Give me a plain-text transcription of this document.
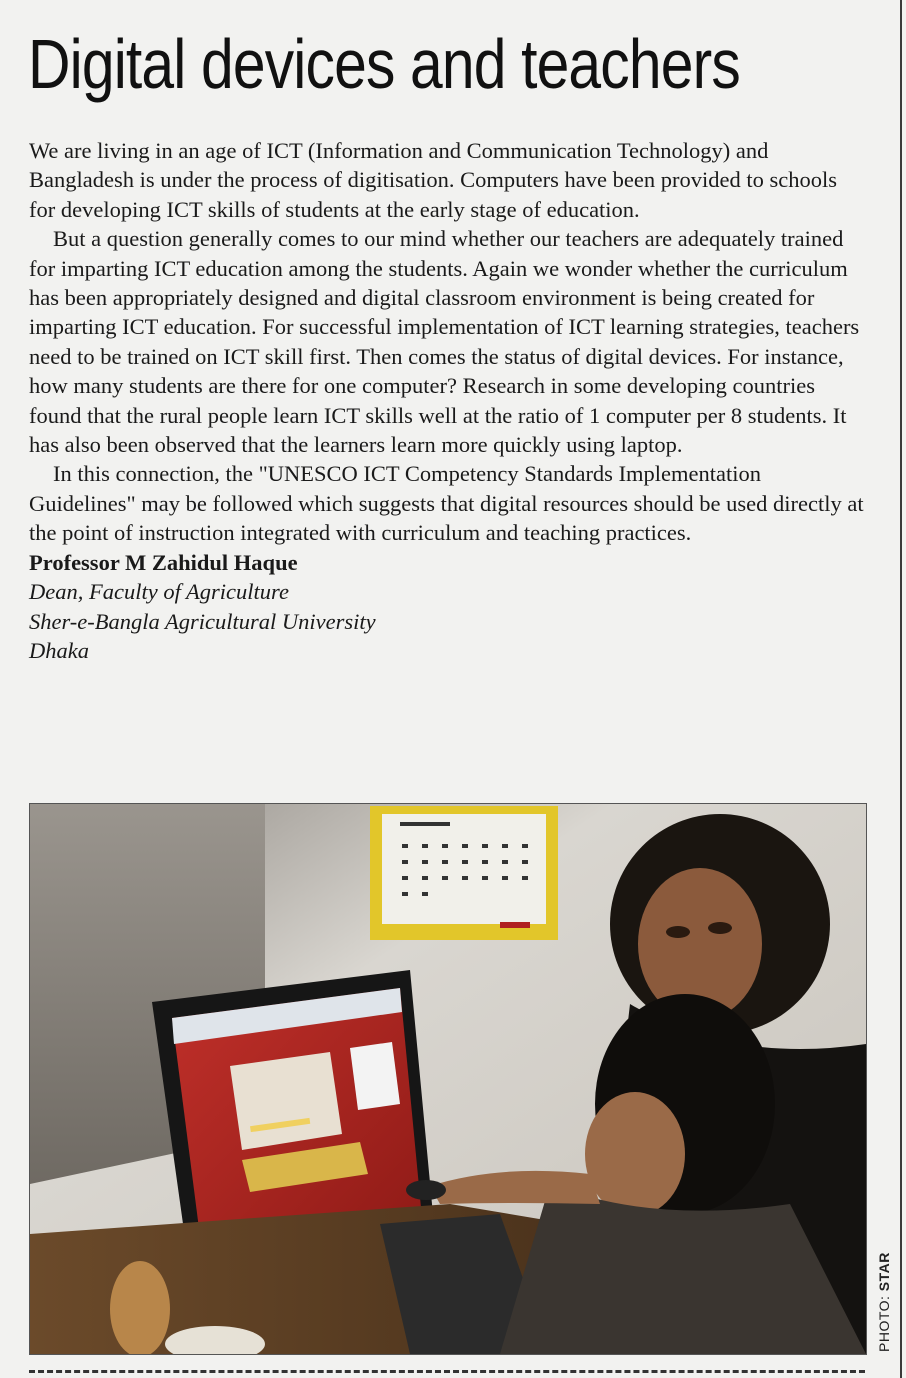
Digital devices and teachers

We are living in an age of ICT (Information and Communication Technology) and Bangladesh is under the process of digitisation. Computers have been provided to schools for developing ICT skills of students at the early stage of education.

But a question generally comes to our mind whether our teachers are adequately trained for imparting ICT education among the students. Again we wonder whether the curriculum has been appropriately designed and digital classroom environment is being created for imparting ICT education. For successful implementation of ICT learning strategies, teachers need to be trained on ICT skill first. Then comes the status of digital devices. For instance, how many students are there for one computer? Research in some developing countries found that the rural people learn ICT skills well at the ratio of 1 computer per 8 students. It has also been observed that the learners learn more quickly using laptop.

In this connection, the "UNESCO ICT Competency Standards Implementation Guidelines" may be followed which suggests that digital resources should be used directly at the point of instruction integrated with curriculum and teaching practices.

Professor M Zahidul Haque

Dean, Faculty of Agriculture

Sher-e-Bangla Agricultural University

Dhaka

PHOTO: STAR
